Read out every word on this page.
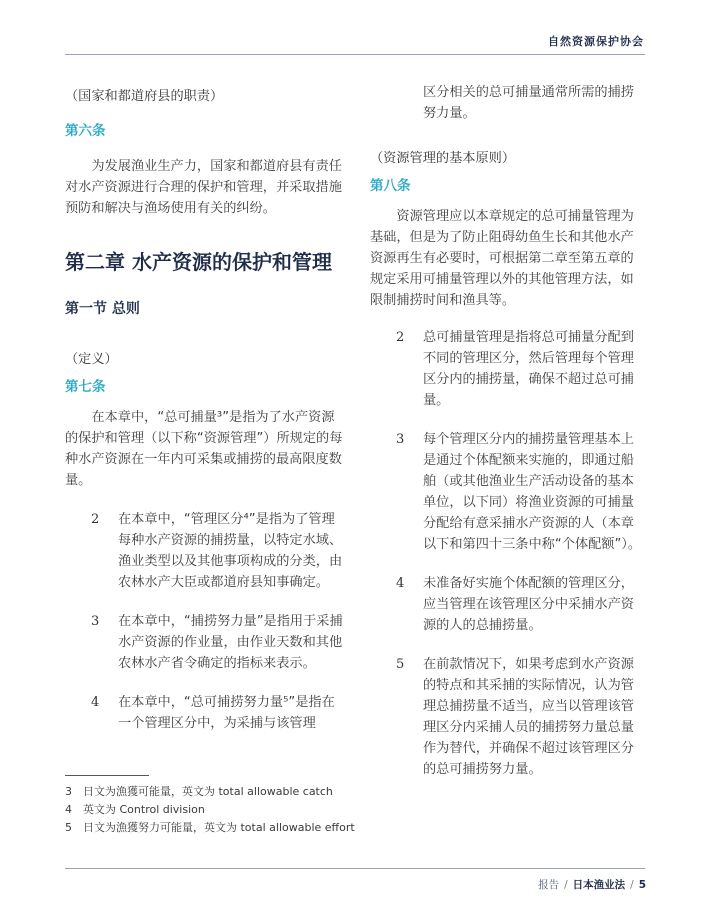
自然资源保护协会
（国家和都道府县的职责）
第六条

为发展渔业生产力，国家和都道府县有责任对水产资源进行合理的保护和管理，并采取措施预防和解决与渔场使用有关的纠纷。

第二章 水产资源的保护和管理
第一节 总则
（定义）
第七条

在本章中，“总可捕量³”是指为了水产资源的保护和管理（以下称“资源管理”）所规定的每种水产资源在一年内可采集或捕捞的最高限度数量。

2	在本章中，“管理区分⁴”是指为了管理每种水产资源的捕捞量，以特定水域、渔业类型以及其他事项构成的分类，由农林水产大臣或都道府县知事确定。
3	在本章中，“捕捞努力量”是指用于采捕水产资源的作业量，由作业天数和其他农林水产省令确定的指标来表示。
4	在本章中，“总可捕捞努力量⁵”是指在一个管理区分中，为采捕与该管理
区分相关的总可捕量通常所需的捕捞努力量。
（资源管理的基本原则）
第八条

资源管理应以本章规定的总可捕量管理为基础，但是为了防止阻碍幼鱼生长和其他水产资源再生有必要时，可根据第二章至第五章的规定采用可捕量管理以外的其他管理方法，如限制捕捞时间和渔具等。

2	总可捕量管理是指将总可捕量分配到不同的管理区分，然后管理每个管理区分内的捕捞量，确保不超过总可捕量。
3	每个管理区分内的捕捞量管理基本上是通过个体配额来实施的，即通过船舶（或其他渔业生产活动设备的基本单位，以下同）将渔业资源的可捕量分配给有意采捕水产资源的人（本章以下和第四十三条中称“个体配额”）。
4	未准备好实施个体配额的管理区分，应当管理在该管理区分中采捕水产资源的人的总捕捞量。
5	在前款情况下，如果考虑到水产资源的特点和其采捕的实际情况，认为管理总捕捞量不适当，应当以管理该管理区分内采捕人员的捕捞努力量总量作为替代，并确保不超过该管理区分的总可捕捞努力量。
3 日文为漁獲可能量，英文为 total allowable catch
4 英文为 Control division
5 日文为漁獲努力可能量，英文为 total allowable effort
报告 / 日本渔业法 / 5
